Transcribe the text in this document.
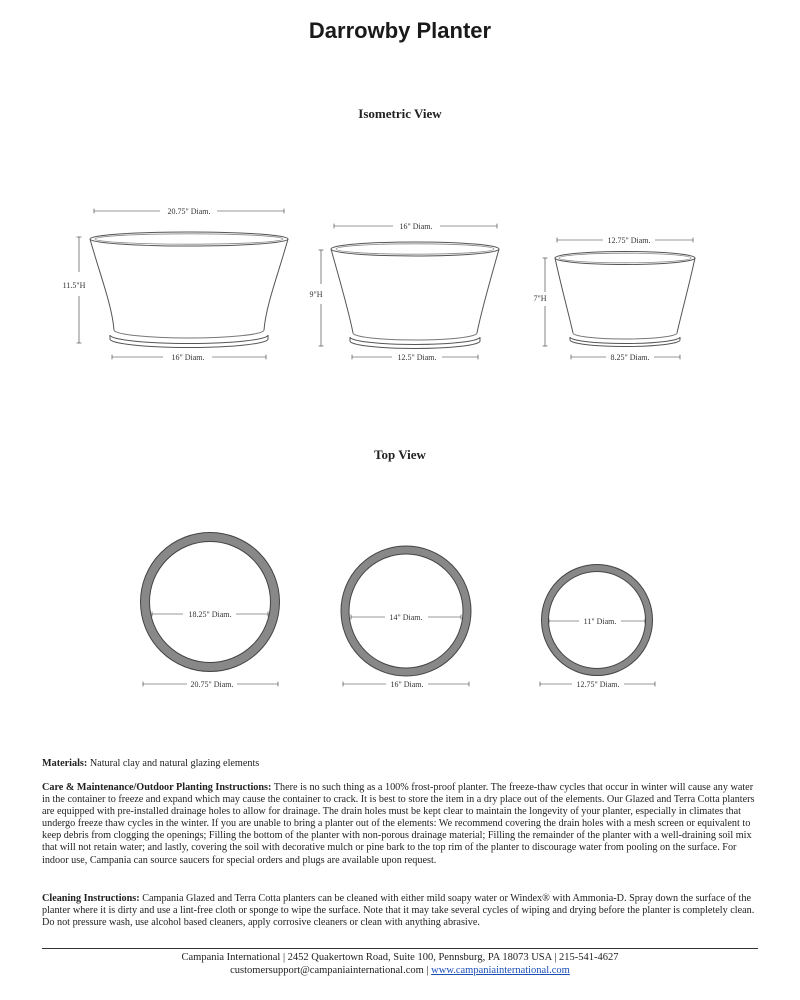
Darrowby Planter
Isometric View
Top View
20.75" Diam.
11.5"H
16" Diam.
16" Diam.
9"H
12.5" Diam.
12.75" Diam.
7"H
8.25" Diam.
18.25" Diam.
20.75" Diam.
14" Diam.
16" Diam.
11" Diam.
12.75" Diam.
Materials: Natural clay and natural glazing elements
Care & Maintenance/Outdoor Planting Instructions: There is no such thing as a 100% frost-proof planter. The freeze-thaw cycles that occur in winter will cause any water in the container to freeze and expand which may cause the container to crack. It is best to store the item in a dry place out of the elements. Our Glazed and Terra Cotta planters are equipped with pre-installed drainage holes to allow for drainage. The drain holes must be kept clear to maintain the longevity of your planter, especially in climates that undergo freeze thaw cycles in the winter. If you are unable to bring a planter out of the elements: We recommend covering the drain holes with a mesh screen or equivalent to keep debris from clogging the openings; Filling the bottom of the planter with non-porous drainage material; Filling the remainder of the planter with a well-draining soil mix that will not retain water; and lastly, covering the soil with decorative mulch or pine bark to the top rim of the planter to discourage water from pooling on the surface. For indoor use, Campania can source saucers for special orders and plugs are available upon request.
Cleaning Instructions: Campania Glazed and Terra Cotta planters can be cleaned with either mild soapy water or Windex® with Ammonia-D. Spray down the surface of the planter where it is dirty and use a lint-free cloth or sponge to wipe the surface. Note that it may take several cycles of wiping and drying before the planter is completely clean. Do not pressure wash, use alcohol based cleaners, apply corrosive cleaners or clean with anything abrasive.
Campania International | 2452 Quakertown Road, Suite 100, Pennsburg, PA 18073 USA | 215-541-4627
customersupport@campaniainternational.com | www.campaniainternational.com
